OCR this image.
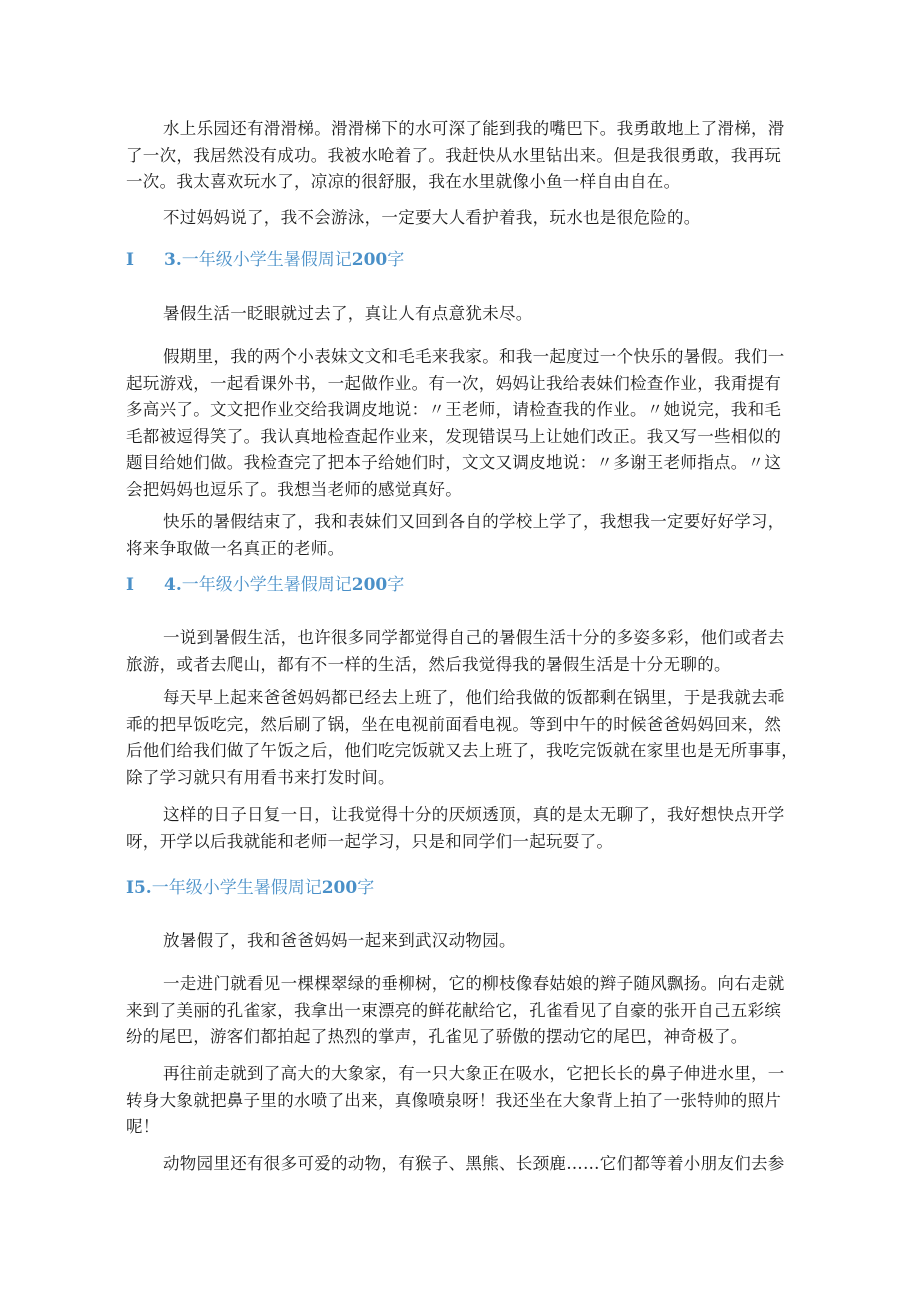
水上乐园还有滑滑梯。滑滑梯下的水可深了能到我的嘴巴下。我勇敢地上了滑梯，滑
了一次，我居然没有成功。我被水呛着了。我赶快从水里钻出来。但是我很勇敢，我再玩
一次。我太喜欢玩水了，凉凉的很舒服，我在水里就像小鱼一样自由自在。
不过妈妈说了，我不会游泳，一定要大人看护着我，玩水也是很危险的。
I 3.一年级小学生暑假周记200字
暑假生活一眨眼就过去了，真让人有点意犹未尽。
假期里，我的两个小表妹文文和毛毛来我家。和我一起度过一个快乐的暑假。我们一
起玩游戏，一起看课外书，一起做作业。有一次，妈妈让我给表妹们检查作业，我甭提有
多高兴了。文文把作业交给我调皮地说：〃王老师，请检查我的作业。〃她说完，我和毛
毛都被逗得笑了。我认真地检查起作业来，发现错误马上让她们改正。我又写一些相似的
题目给她们做。我检查完了把本子给她们时，文文又调皮地说：〃多谢王老师指点。〃这
会把妈妈也逗乐了。我想当老师的感觉真好。
快乐的暑假结束了，我和表妹们又回到各自的学校上学了，我想我一定要好好学习，
将来争取做一名真正的老师。
I 4.一年级小学生暑假周记200字
一说到暑假生活，也许很多同学都觉得自己的暑假生活十分的多姿多彩，他们或者去
旅游，或者去爬山，都有不一样的生活，然后我觉得我的暑假生活是十分无聊的。
每天早上起来爸爸妈妈都已经去上班了，他们给我做的饭都剩在锅里，于是我就去乖
乖的把早饭吃完，然后刷了锅，坐在电视前面看电视。等到中午的时候爸爸妈妈回来，然
后他们给我们做了午饭之后，他们吃完饭就又去上班了，我吃完饭就在家里也是无所事事，
除了学习就只有用看书来打发时间。
这样的日子日复一日，让我觉得十分的厌烦透顶，真的是太无聊了，我好想快点开学
呀，开学以后我就能和老师一起学习，只是和同学们一起玩耍了。
I5.一年级小学生暑假周记200字
放暑假了，我和爸爸妈妈一起来到武汉动物园。
一走进门就看见一棵棵翠绿的垂柳树，它的柳枝像春姑娘的辫子随风飘扬。向右走就
来到了美丽的孔雀家，我拿出一束漂亮的鲜花献给它，孔雀看见了自豪的张开自己五彩缤
纷的尾巴，游客们都拍起了热烈的掌声，孔雀见了骄傲的摆动它的尾巴，神奇极了。
再往前走就到了高大的大象家，有一只大象正在吸水，它把长长的鼻子伸进水里，一
转身大象就把鼻子里的水喷了出来，真像喷泉呀！我还坐在大象背上拍了一张特帅的照片
呢！
动物园里还有很多可爱的动物，有猴子、黑熊、长颈鹿……它们都等着小朋友们去参
